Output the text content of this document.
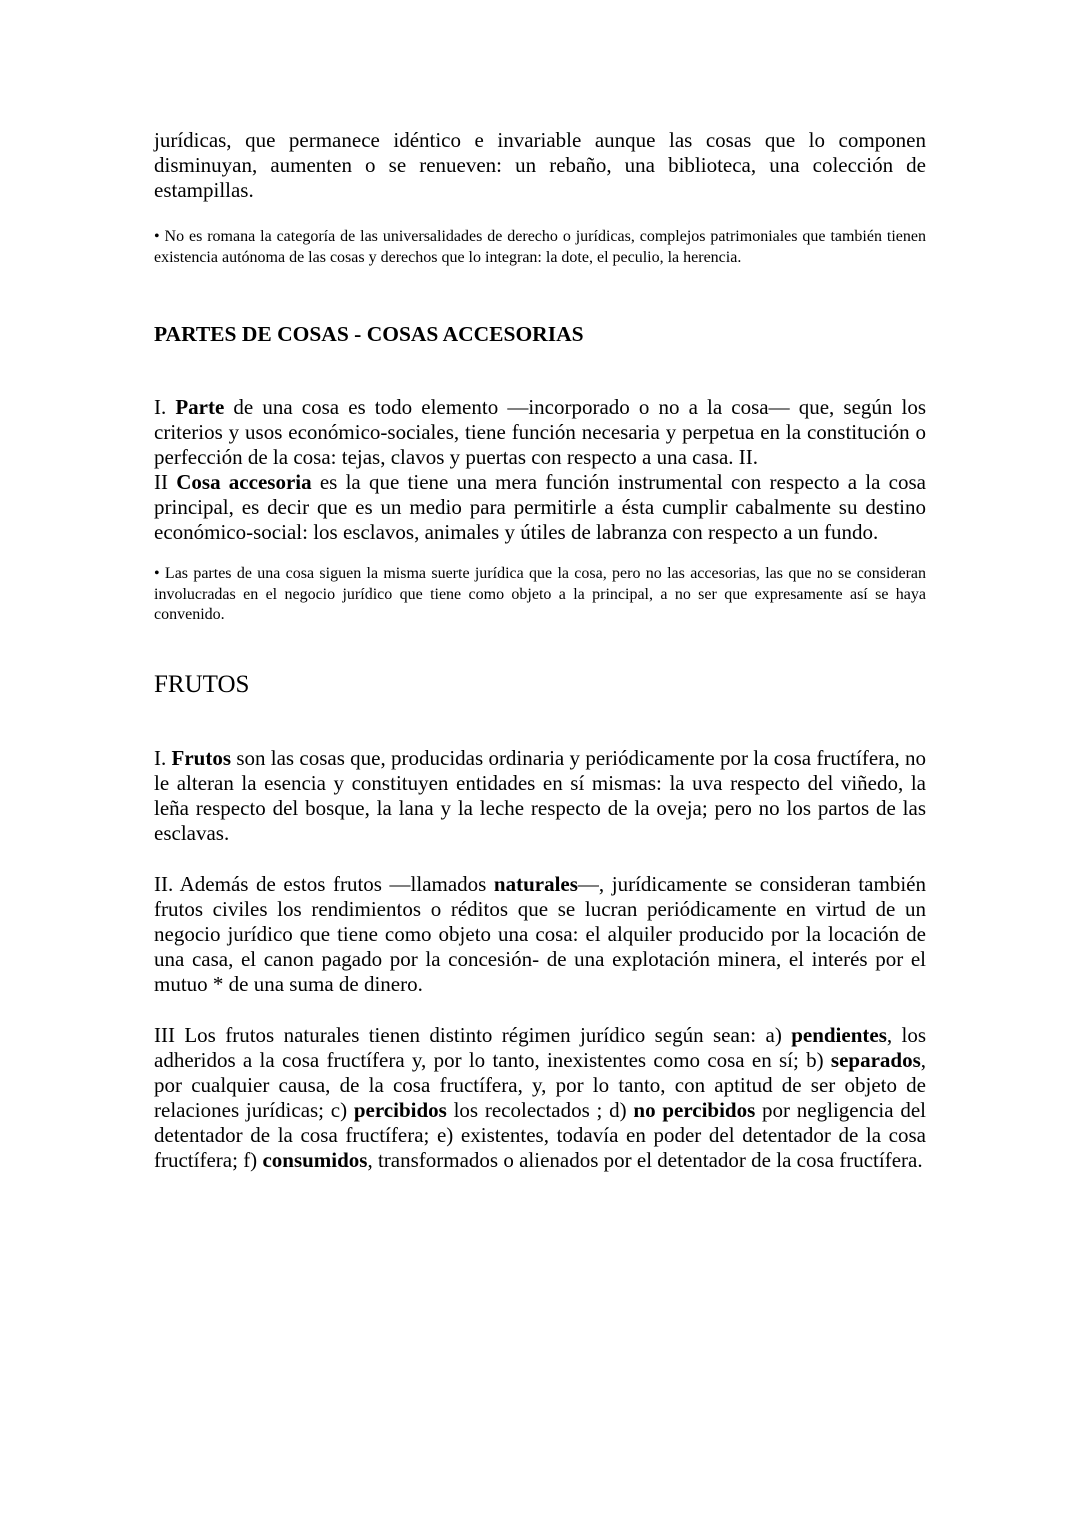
jurídicas, que permanece idéntico e invariable aunque las cosas que lo componen disminuyan, aumenten o se renueven: un rebaño, una biblioteca, una colección de estampillas.

• No es romana la categoría de las universalidades de derecho o jurídicas, complejos patrimoniales que también tienen existencia autónoma de las cosas y derechos que lo integran: la dote, el peculio, la herencia.

PARTES DE COSAS - COSAS ACCESORIAS

I. Parte de una cosa es todo elemento —incorporado o no a la cosa— que, según los criterios y usos económico-sociales, tiene función necesaria y perpetua en la constitución o perfección de la cosa: tejas, clavos y puertas con respecto a una casa. II.

II Cosa accesoria es la que tiene una mera función instrumental con respecto a la cosa principal, es decir que es un medio para permitirle a ésta cumplir cabalmente su destino económico-social: los esclavos, animales y útiles de labranza con respecto a un fundo.

• Las partes de una cosa siguen la misma suerte jurídica que la cosa, pero no las accesorias, las que no se consideran involucradas en el negocio jurídico que tiene como objeto a la principal, a no ser que expresamente así se haya convenido.

FRUTOS

I. Frutos son las cosas que, producidas ordinaria y periódicamente por la cosa fructífera, no le alteran la esencia y constituyen entidades en sí mismas: la uva respecto del viñedo, la leña respecto del bosque, la lana y la leche respecto de la oveja; pero no los partos de las esclavas.

II. Además de estos frutos —llamados naturales—, jurídicamente se consideran también frutos civiles los rendimientos o réditos que se lucran periódicamente en virtud de un negocio jurídico que tiene como objeto una cosa: el alquiler producido por la locación de una casa, el canon pagado por la concesión- de una explotación minera, el interés por el mutuo * de una suma de dinero.

III Los frutos naturales tienen distinto régimen jurídico según sean: a) pendientes, los adheridos a la cosa fructífera y, por lo tanto, inexistentes como cosa en sí; b) separados, por cualquier causa, de la cosa fructífera, y, por lo tanto, con aptitud de ser objeto de relaciones jurídicas; c) percibidos los recolectados ; d) no percibidos por negligencia del detentador de la cosa fructífera; e) existentes, todavía en poder del detentador de la cosa fructífera; f) consumidos, transformados o alienados por el detentador de la cosa fructífera.
